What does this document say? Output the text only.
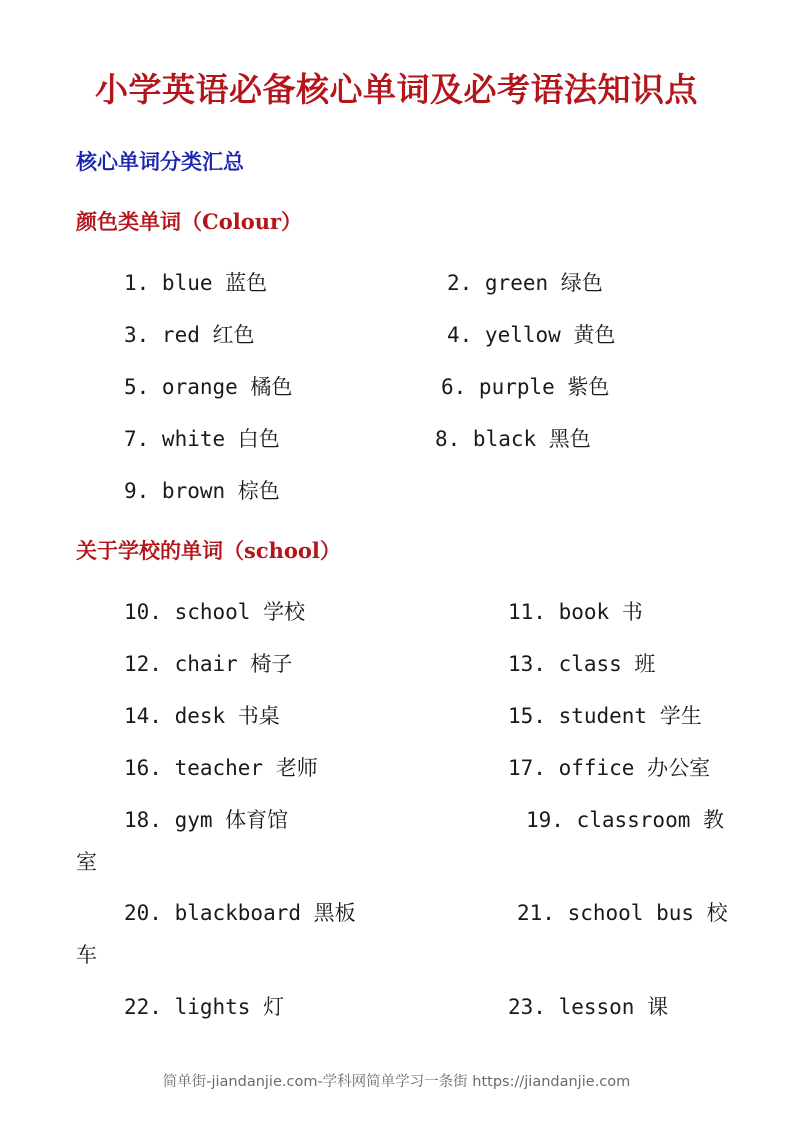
小学英语必备核心单词及必考语法知识点
核心单词分类汇总
颜色类单词（Colour）
1. blue 蓝色	2. green 绿色
3. red 红色	4. yellow 黄色
5. orange 橘色	6. purple 紫色
7. white 白色	8. black 黑色
9. brown 棕色
关于学校的单词（school）
10. school 学校	11. book 书
12. chair 椅子	13. class 班
14. desk 书桌	15. student 学生
16. teacher 老师	17. office 办公室
18. gym 体育馆	19. classroom 教
室
20. blackboard 黑板	21. school bus 校
车
22. lights 灯	23. lesson 课
简单街-jiandanjie.com-学科网简单学习一条街 https://jiandanjie.com
